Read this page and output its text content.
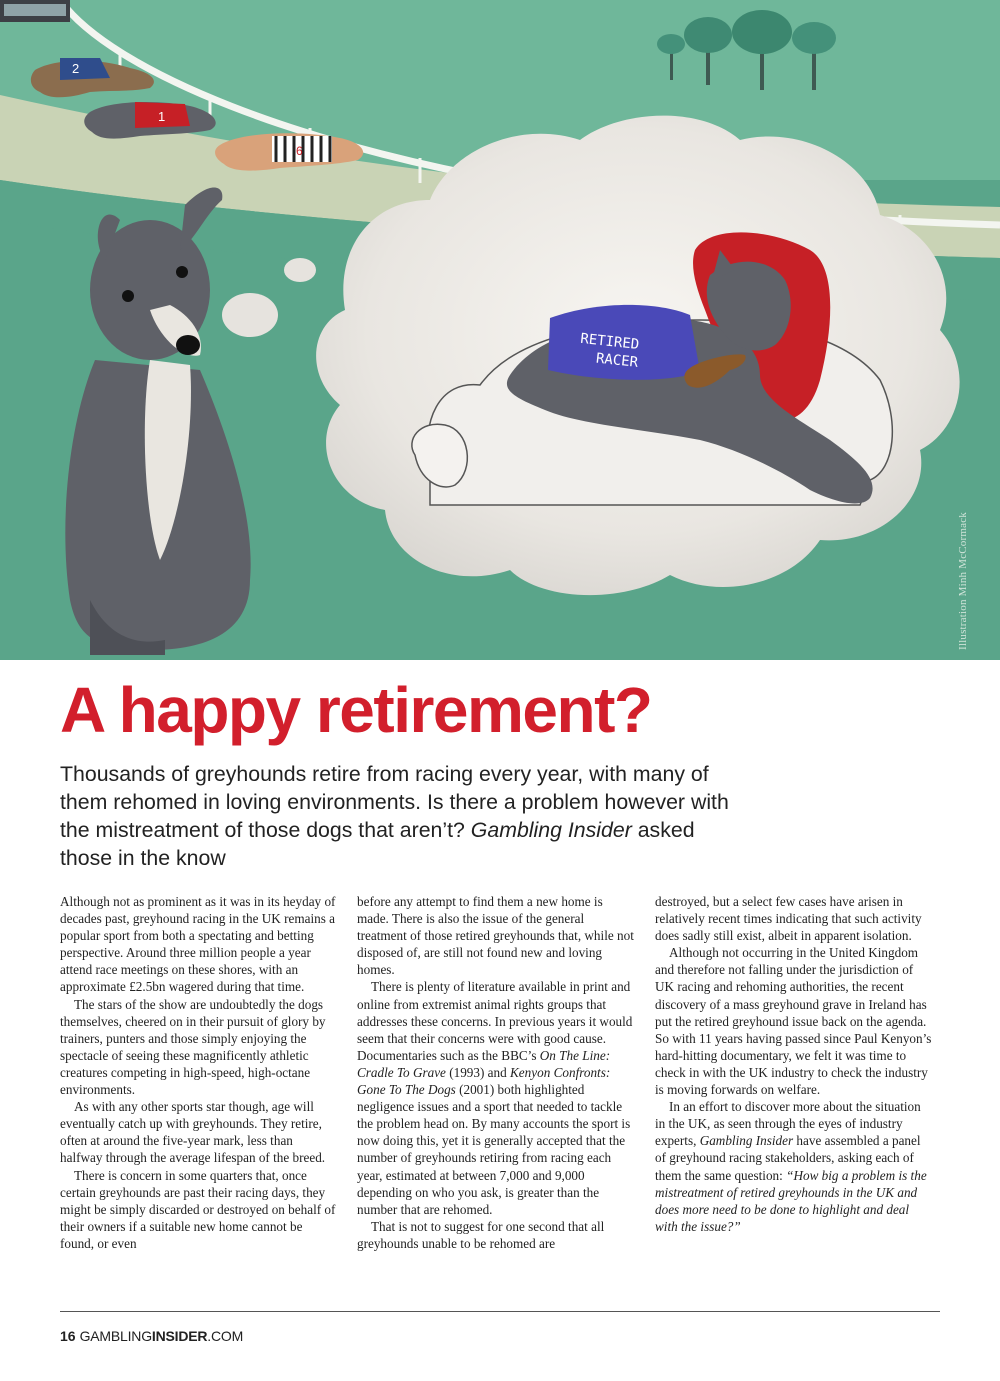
2
1
6
RETIRED
RACER
Illustration Minh McCormack
A happy retirement?

Thousands of greyhounds retire from racing every year, with many of them rehomed in loving environments. Is there a problem however with the mistreatment of those dogs that aren’t? Gambling Insider asked those in the know

Although not as prominent as it was in its heyday of decades past, greyhound racing in the UK remains a popular sport from both a spectating and betting perspective. Around three million people a year attend race meetings on these shores, with an approximate £2.5bn wagered during that time.

The stars of the show are undoubtedly the dogs themselves, cheered on in their pursuit of glory by trainers, punters and those simply enjoying the spectacle of seeing these magnificently athletic creatures competing in high-speed, high-octane environments.

As with any other sports star though, age will eventually catch up with greyhounds. They retire, often at around the five-year mark, less than halfway through the average lifespan of the breed.

There is concern in some quarters that, once certain greyhounds are past their racing days, they might be simply discarded or destroyed on behalf of their owners if a suitable new home cannot be found, or even

before any attempt to find them a new home is made. There is also the issue of the general treatment of those retired greyhounds that, while not disposed of, are still not found new and loving homes.

There is plenty of literature available in print and online from extremist animal rights groups that addresses these concerns. In previous years it would seem that their concerns were with good cause. Documentaries such as the BBC’s On The Line: Cradle To Grave (1993) and Kenyon Confronts: Gone To The Dogs (2001) both highlighted negligence issues and a sport that needed to tackle the problem head on. By many accounts the sport is now doing this, yet it is generally accepted that the number of greyhounds retiring from racing each year, estimated at between 7,000 and 9,000 depending on who you ask, is greater than the number that are rehomed.

That is not to suggest for one second that all greyhounds unable to be rehomed are

destroyed, but a select few cases have arisen in relatively recent times indicating that such activity does sadly still exist, albeit in apparent isolation.

Although not occurring in the United Kingdom and therefore not falling under the jurisdiction of UK racing and rehoming authorities, the recent discovery of a mass greyhound grave in Ireland has put the retired greyhound issue back on the agenda. So with 11 years having passed since Paul Kenyon’s hard-hitting documentary, we felt it was time to check in with the UK industry to check the industry is moving forwards on welfare.

In an effort to discover more about the situation in the UK, as seen through the eyes of industry experts, Gambling Insider have assembled a panel of greyhound racing stakeholders, asking each of them the same question: “How big a problem is the mistreatment of retired greyhounds in the UK and does more need to be done to highlight and deal with the issue?”

16 GAMBLINGINSIDER.COM
